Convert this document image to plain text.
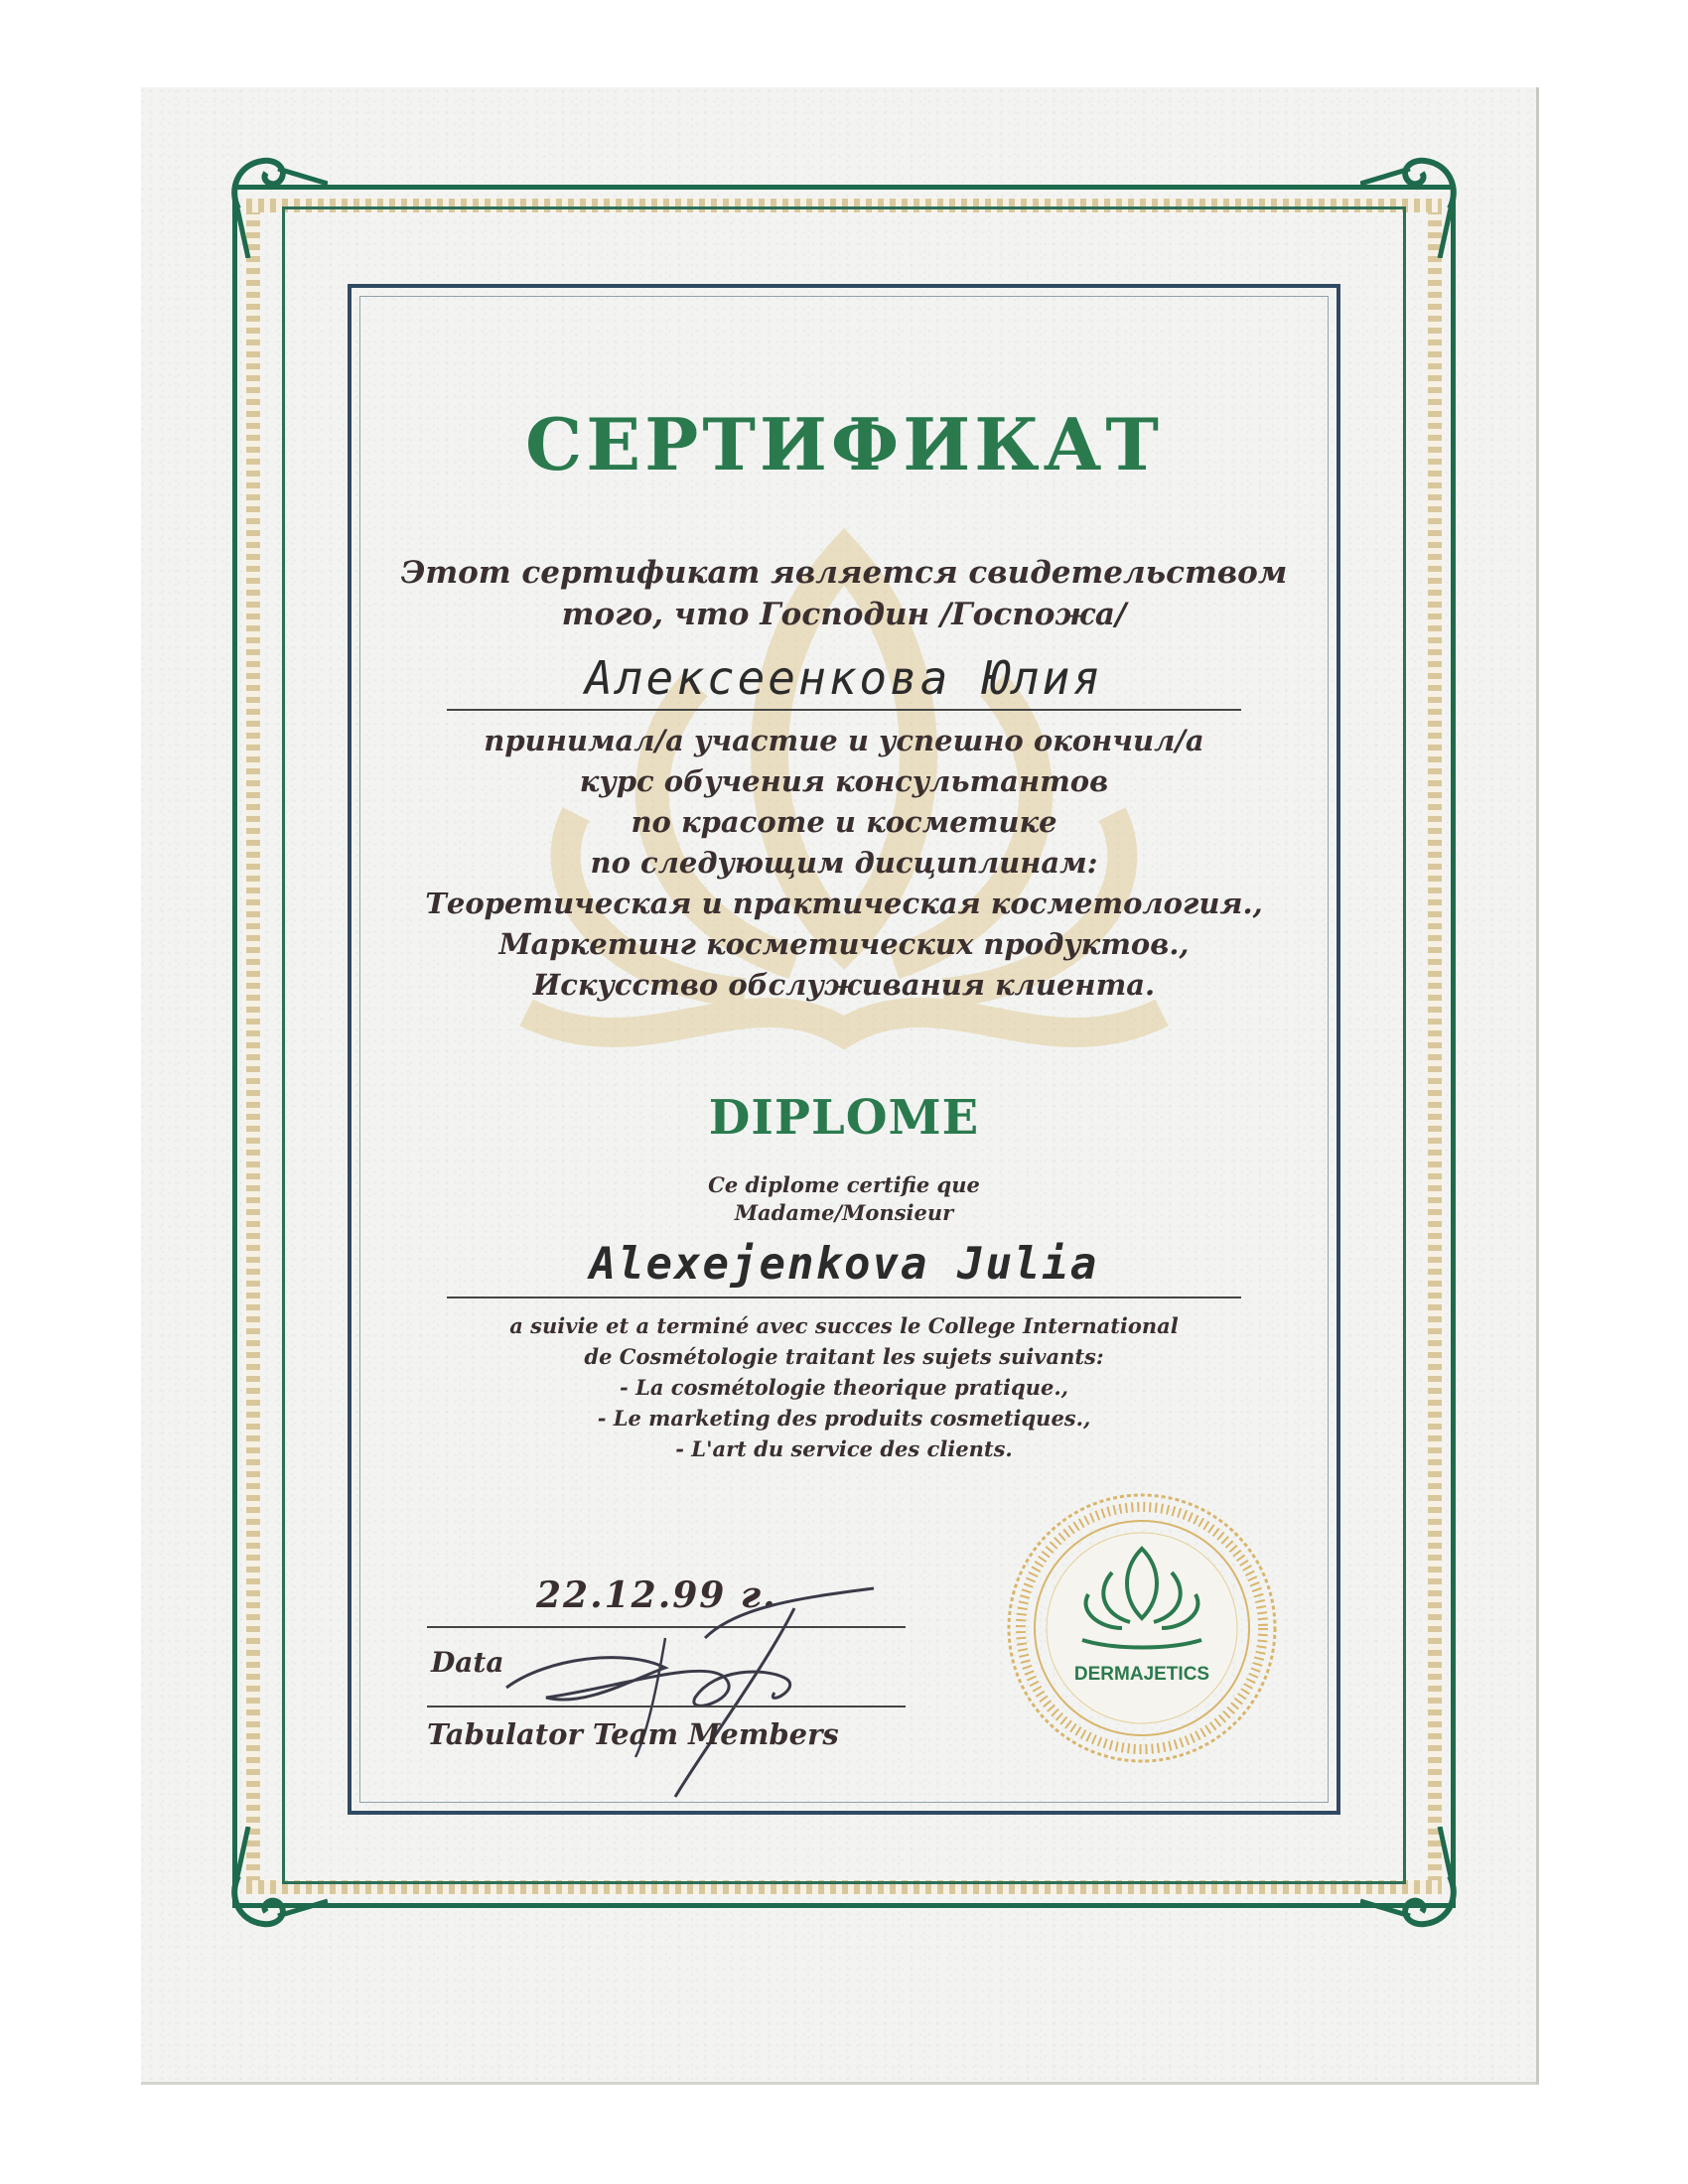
СЕРТИФИКАТ
Этот сертификат является свидетельством
того, что Господин /Госпожа/
Алексеенкова Юлия
принимал/а участие и успешно окончил/а
курс обучения консультантов
по красоте и косметике
по следующим дисциплинам:
Теоретическая и практическая косметология.,
Маркетинг косметических продуктов.,
Искусство обслуживания клиента.
DIPLOME
Ce diplome certifie que
Madame/Monsieur
Alexejenkova Julia
a suivie et a terminé avec succes le College International
de Cosmétologie traitant les sujets suivants:
- La cosmétologie theorique pratique.,
- Le marketing des produits cosmetiques.,
- L'art du service des clients.
22.12.99 г.
Data
Tabulator Team Members
DERMAJETICS
